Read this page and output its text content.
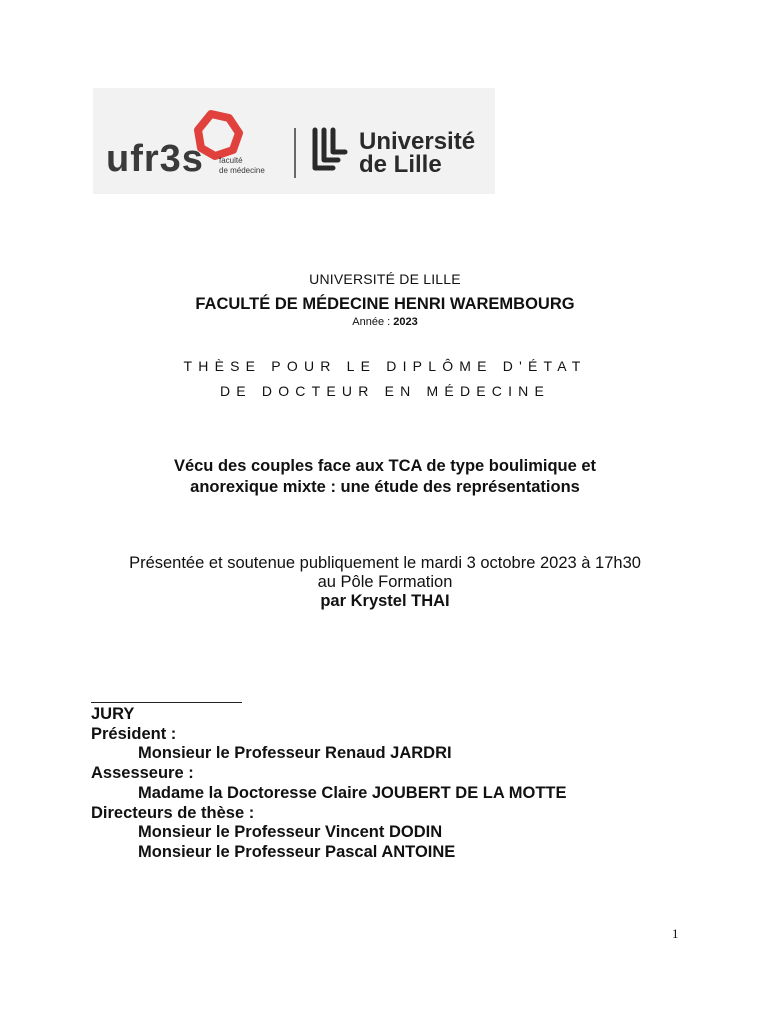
ufr3s faculté
de médecine
Université
de Lille
UNIVERSITÉ DE LILLE
FACULTÉ DE MÉDECINE HENRI WAREMBOURG
Année : 2023
THÈSE POUR LE DIPLÔME D'ÉTAT
DE DOCTEUR EN MÉDECINE
Vécu des couples face aux TCA de type boulimique et
anorexique mixte : une étude des représentations
Présentée et soutenue publiquement le mardi 3 octobre 2023 à 17h30
au Pôle Formation
par Krystel THAI
JURY
Président :
Monsieur le Professeur Renaud JARDRI
Assesseure :
Madame la Doctoresse Claire JOUBERT DE LA MOTTE
Directeurs de thèse :
Monsieur le Professeur Vincent DODIN
Monsieur le Professeur Pascal ANTOINE
1
